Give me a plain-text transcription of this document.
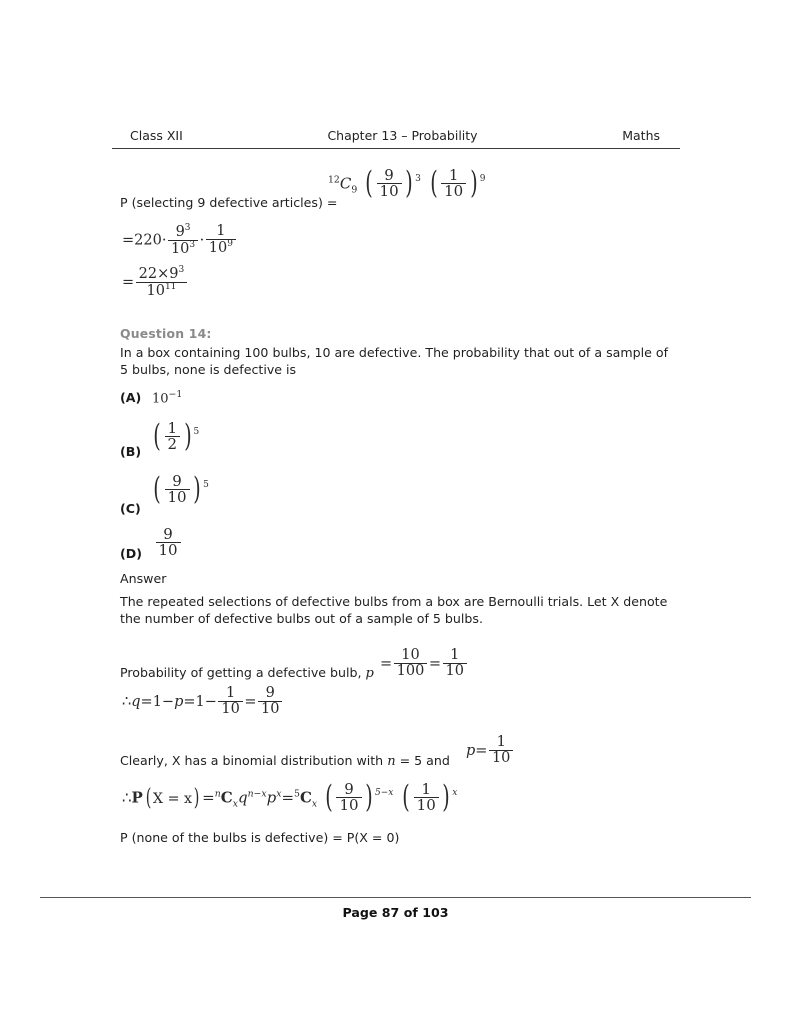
Class XII	Chapter 13 – Probability	Maths
P (selecting 9 defective articles) =
$^{12}C_9$ ( $\frac{9}{10}$ ) $^3$ ( $\frac{1}{10}$ ) $^9$
$=220\cdot \frac{9^3}{10^3} \cdot \frac{1}{10^9}$
= $\frac{22\times 9^3}{10^{11}}$
Question 14:
In a box containing 100 bulbs, 10 are defective. The probability that out of a sample of 5 bulbs, none is defective is
(A) $10^{-1}$
(B) ( $\frac{1}{2}$ ) $^5$
(C)
( $\frac{9}{10}$ ) $^5$
$(D) \frac{9}{10}$
Answer
The repeated selections of defective bulbs from a box are Bernoulli trials. Let X denote the number of defective bulbs out of a sample of 5 bulbs.
Probability of getting a defective bulb, p
= $\frac{10}{100} = \frac{1}{10}$
∴q=1−p=1− $\frac{1}{10} = \frac{9}{10}$
Clearly, X has a binomial distribution with n = 5 and
$p= \frac{1}{10}$
∴P ( $X = x) =^nC_xq^{n-x}p^x=^5C_x$ ( $\frac{9}{10}$ ) $^{5-x}$ ( $\frac{1}{10}$ ) $^x$
P (none of the bulbs is defective) = P(X = 0)
Page 87 of 103
